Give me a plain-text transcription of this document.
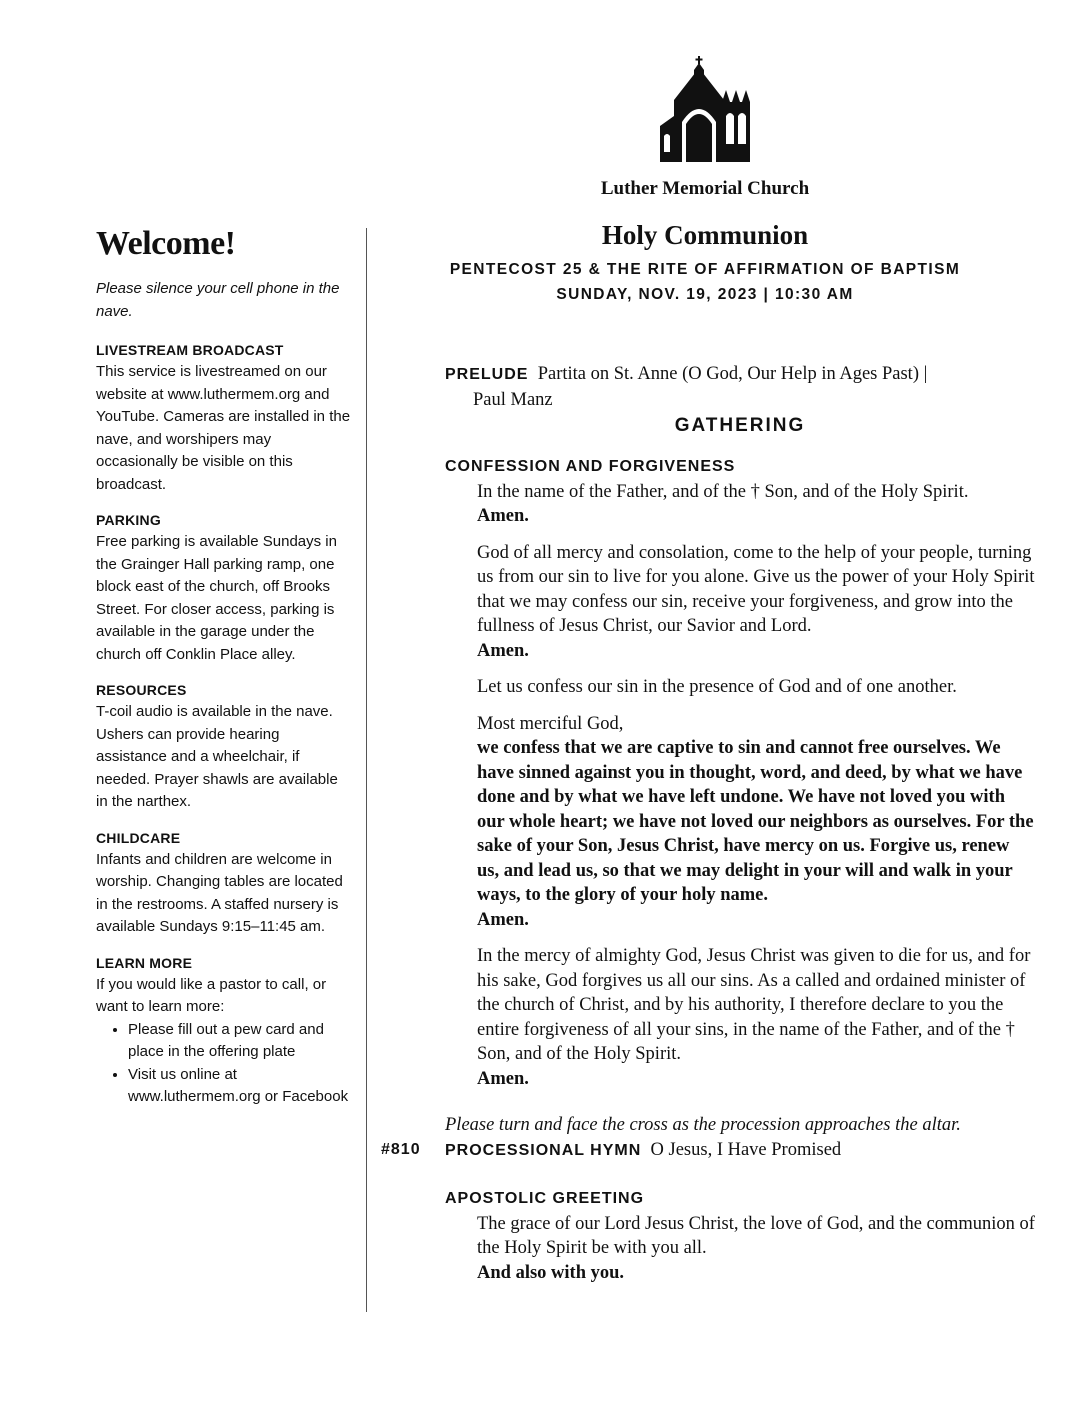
Luther Memorial Church
Welcome!

Please silence your cell phone in the nave.

LIVESTREAM BROADCAST

This service is livestreamed on our website at www.luthermem.org and YouTube. Cameras are installed in the nave, and worshipers may occasionally be visible on this broadcast.

PARKING

Free parking is available Sundays in the Grainger Hall parking ramp, one block east of the church, off Brooks Street. For closer access, parking is available in the garage under the church off Conklin Place alley.

RESOURCES

T-coil audio is available in the nave. Ushers can provide hearing assistance and a wheelchair, if needed. Prayer shawls are available in the narthex.

CHILDCARE

Infants and children are welcome in worship. Changing tables are located in the restrooms. A staffed nursery is available Sundays 9:15–11:45 am.

LEARN MORE

If you would like a pastor to call, or want to learn more:

• Please fill out a pew card and place in the offering plate
• Visit us online at www.luthermem.org or Facebook
Holy Communion
PENTECOST 25 & THE RITE OF AFFIRMATION OF BAPTISM
SUNDAY, NOV. 19, 2023 | 10:30 AM

PRELUDE Partita on St. Anne (O God, Our Help in Ages Past) |

Paul Manz

GATHERING
CONFESSION AND FORGIVENESS

In the name of the Father, and of the † Son, and of the Holy Spirit.

Amen.

God of all mercy and consolation, come to the help of your people, turning us from our sin to live for you alone. Give us the power of your Holy Spirit that we may confess our sin, receive your forgiveness, and grow into the fullness of Jesus Christ, our Savior and Lord.

Amen.

Let us confess our sin in the presence of God and of one another.

Most merciful God,

we confess that we are captive to sin and cannot free ourselves. We have sinned against you in thought, word, and deed, by what we have done and by what we have left undone. We have not loved you with our whole heart; we have not loved our neighbors as ourselves. For the sake of your Son, Jesus Christ, have mercy on us. Forgive us, renew us, and lead us, so that we may delight in your will and walk in your ways, to the glory of your holy name.

Amen.

In the mercy of almighty God, Jesus Christ was given to die for us, and for his sake, God forgives us all our sins. As a called and ordained minister of the church of Christ, and by his authority, I therefore declare to you the entire forgiveness of all your sins, in the name of the Father, and of the † Son, and of the Holy Spirit.

Amen.

Please turn and face the cross as the procession approaches the altar.

#810 PROCESSIONAL HYMN O Jesus, I Have Promised

APOSTOLIC GREETING

The grace of our Lord Jesus Christ, the love of God, and the communion of the Holy Spirit be with you all.

And also with you.
